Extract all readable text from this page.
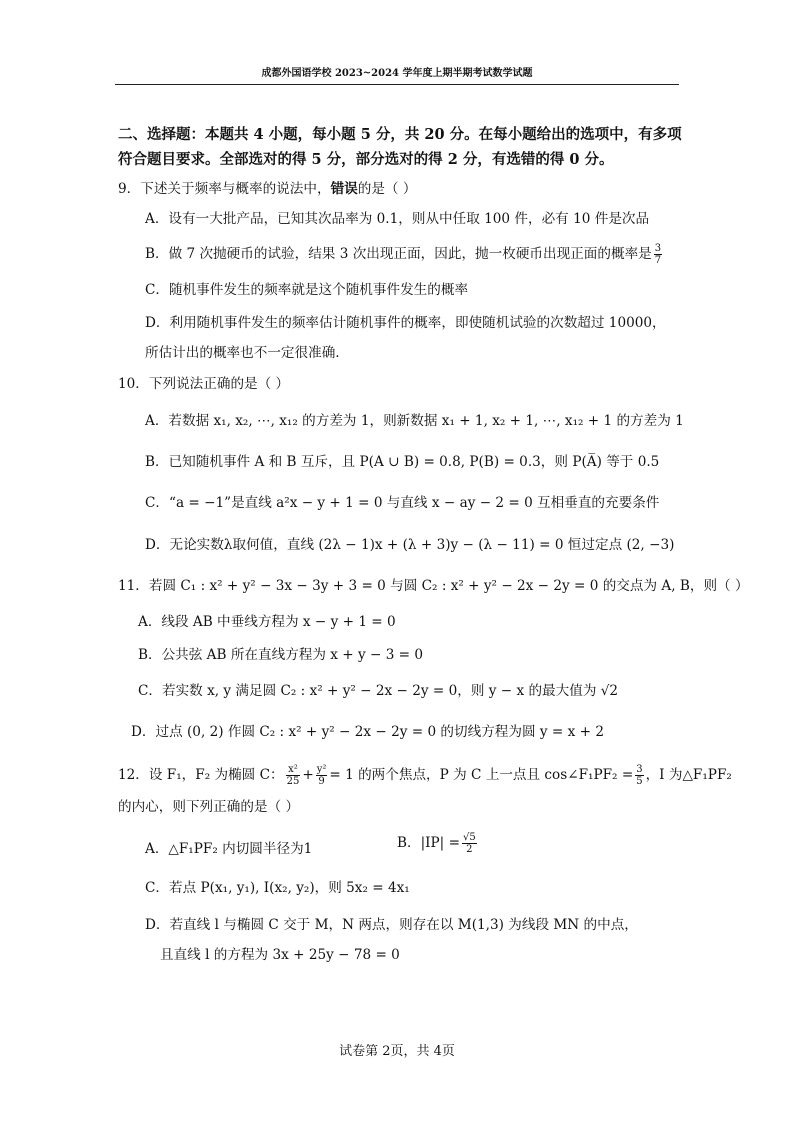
成都外国语学校 2023~2024 学年度上期半期考试数学试题
二、选择题：本题共 4 小题，每小题 5 分，共 20 分。在每小题给出的选项中，有多项符合题目要求。全部选对的得 5 分，部分选对的得 2 分，有选错的得 0 分。
9．下述关于频率与概率的说法中，错误的是（ ）
A．设有一大批产品，已知其次品率为 0.1，则从中任取 100 件，必有 10 件是次品
B．做 7 次抛硬币的试验，结果 3 次出现正面，因此，抛一枚硬币出现正面的概率是 $\frac{3}{7}$
C．随机事件发生的频率就是这个随机事件发生的概率
D．利用随机事件发生的频率估计随机事件的概率，即使随机试验的次数超过 10000，
所估计出的概率也不一定很准确.
10．下列说法正确的是（ ）
A．若数据 x₁, x₂, ⋯, x₁₂ 的方差为 1，则新数据 x₁ + 1, x₂ + 1, ⋯, x₁₂ + 1 的方差为 1
B．已知随机事件 A 和 B 互斥，且 P(A ∪ B) = 0.8, P(B) = 0.3，则 P(A̅) 等于 0.5
C．“a = −1”是直线 a²x − y + 1 = 0 与直线 x − ay − 2 = 0 互相垂直的充要条件
D．无论实数λ取何值，直线 (2λ − 1)x + (λ + 3)y − (λ − 11) = 0 恒过定点 (2, −3)
11．若圆 C₁ : x² + y² − 3x − 3y + 3 = 0 与圆 C₂ : x² + y² − 2x − 2y = 0 的交点为 A, B，则（ ）
A．线段 AB 中垂线方程为 x − y + 1 = 0
B．公共弦 AB 所在直线方程为 x + y − 3 = 0
C．若实数 x, y 满足圆 C₂ : x² + y² − 2x − 2y = 0，则 y − x 的最大值为 √2
D．过点 (0, 2) 作圆 C₂ : x² + y² − 2x − 2y = 0 的切线方程为圆 y = x + 2
12．设 F₁，F₂ 为椭圆 C： $\frac{\text{x²}}{25} + \frac{\text{y²}}{9} = 1$ 的两个焦点，P 为 C 上一点且 cos∠F₁PF₂ = $\frac{3}{5}$ ，I 为△F₁PF₂
的内心，则下列正确的是（ ）
A．△F₁PF₂ 内切圆半径为1	B．$|IP| = \frac{√5}{2}$
C．若点 P(x₁, y₁), I(x₂, y₂)，则 5x₂ = 4x₁
D．若直线 l 与椭圆 C 交于 M，N 两点，则存在以 M(1,3) 为线段 MN 的中点，
且直线 l 的方程为 3x + 25y − 78 = 0
试卷第 2页，共 4页
